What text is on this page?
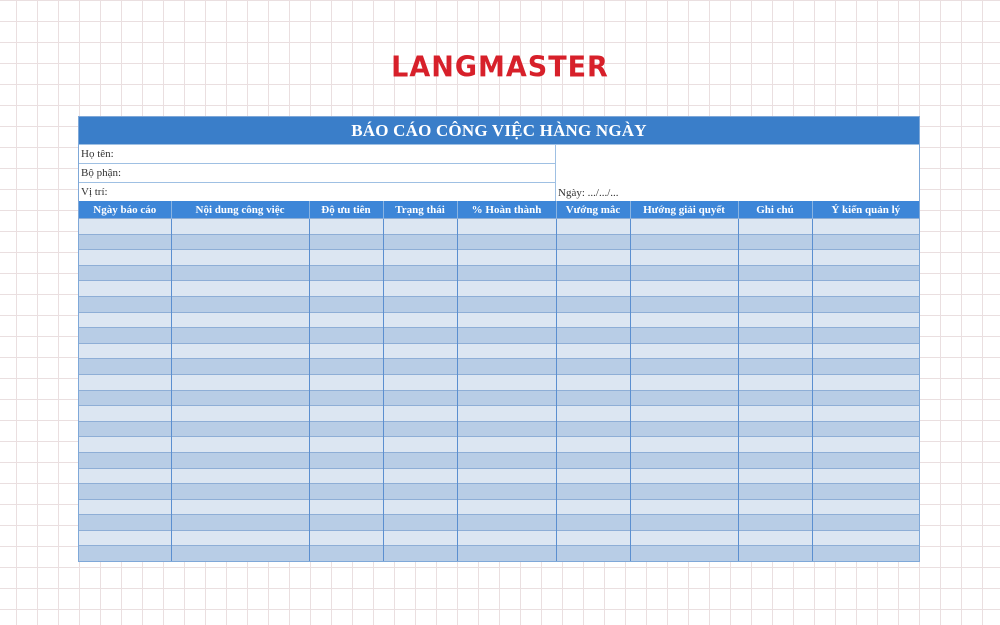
LANGMASTER
BÁO CÁO CÔNG VIỆC HÀNG NGÀY
Họ tên:
Bộ phận:
Vị trí:	Ngày: .../.../...
Ngày báo cáo	Nội dung công việc	Độ ưu tiên	Trạng thái	% Hoàn thành	Vướng mắc	Hướng giải quyết	Ghi chú	Ý kiến quản lý
